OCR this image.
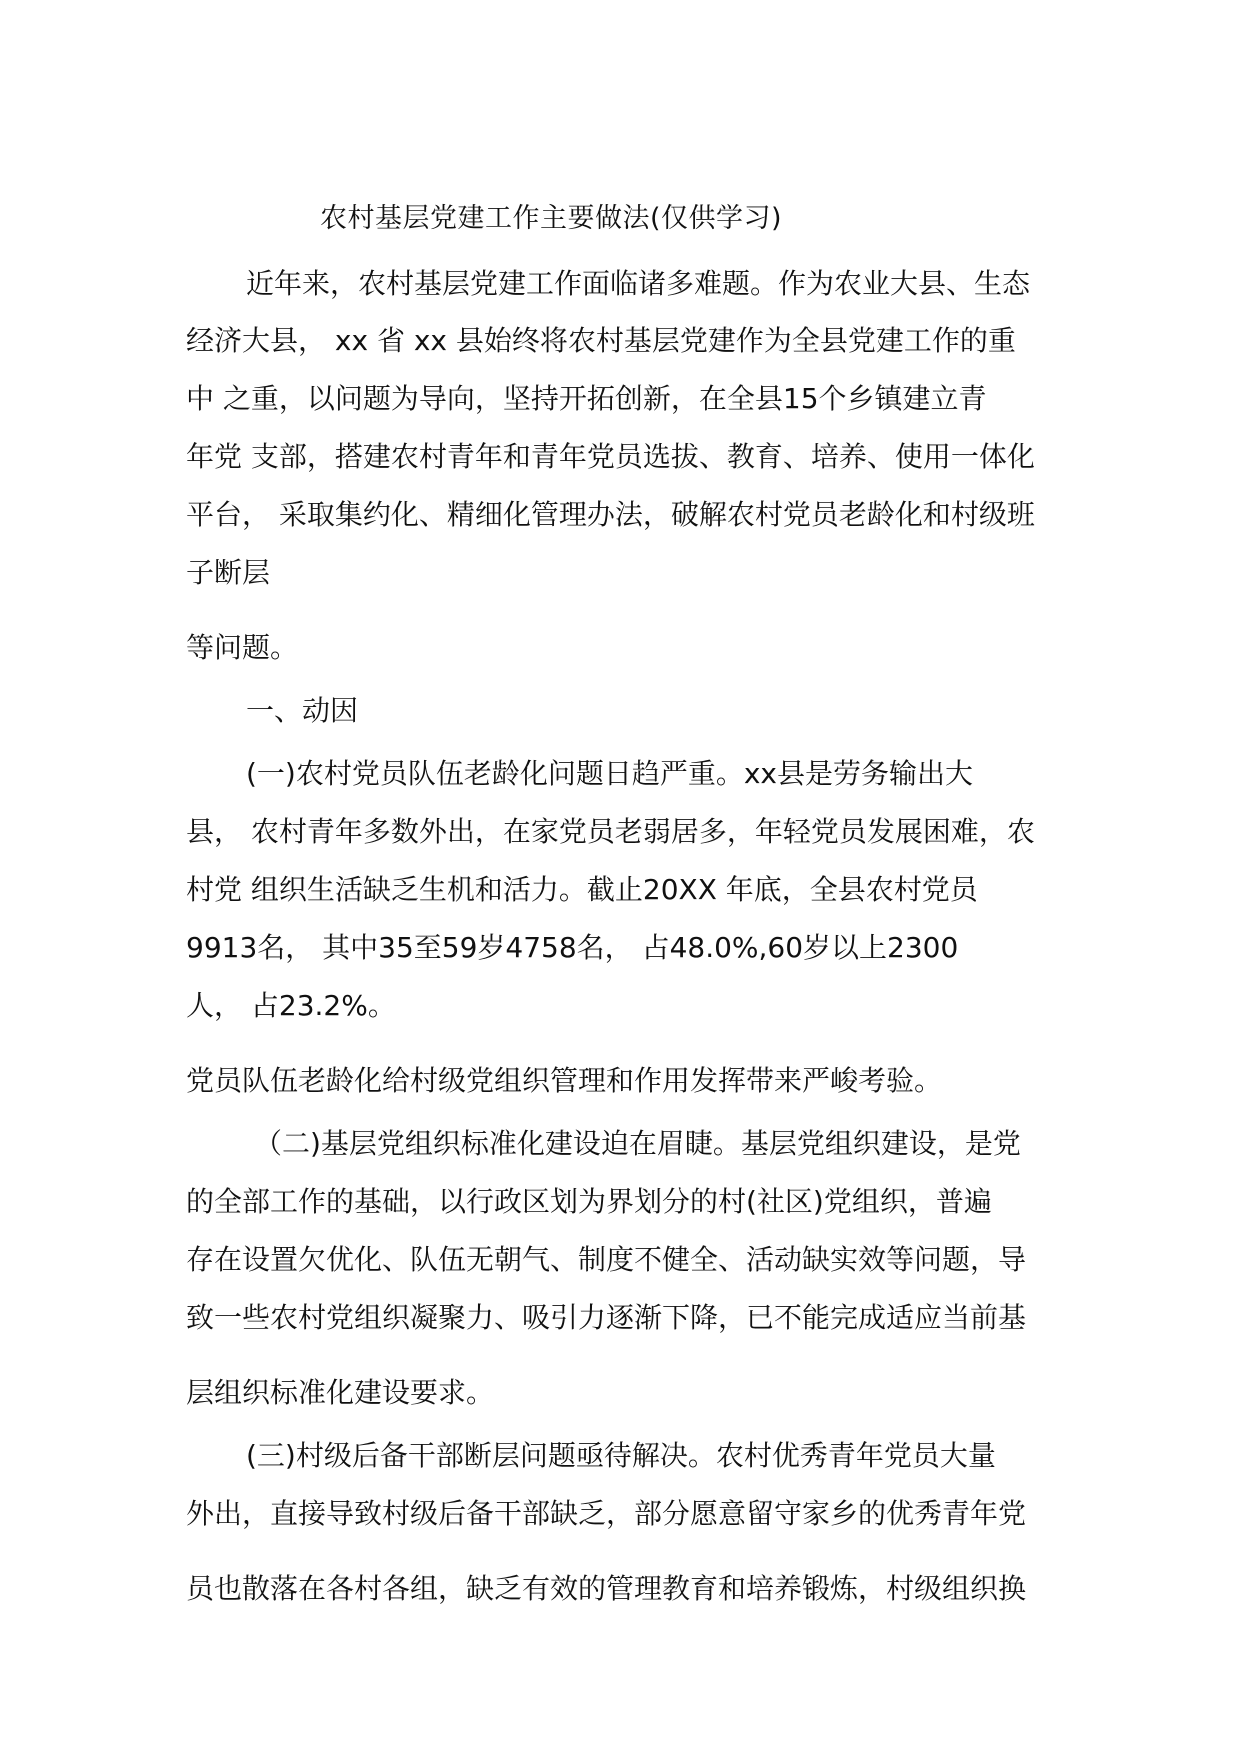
农村基层党建工作主要做法(仅供学习)
近年来，农村基层党建工作面临诸多难题。作为农业大县、生态
经济大县， xx 省 xx 县始终将农村基层党建作为全县党建工作的重
中 之重，以问题为导向，坚持开拓创新，在全县15个乡镇建立青
年党 支部，搭建农村青年和青年党员选拔、教育、培养、使用一体化
平台， 采取集约化、精细化管理办法，破解农村党员老龄化和村级班
子断层
等问题。
一、动因
(一)农村党员队伍老龄化问题日趋严重。xx县是劳务输出大
县， 农村青年多数外出，在家党员老弱居多，年轻党员发展困难，农
村党 组织生活缺乏生机和活力。截止20XX 年底，全县农村党员
9913名， 其中35至59岁4758名， 占48.0%,60岁以上2300
人， 占23.2%。
党员队伍老龄化给村级党组织管理和作用发挥带来严峻考验。
（二)基层党组织标准化建设迫在眉睫。基层党组织建设，是党
的全部工作的基础，以行政区划为界划分的村(社区)党组织，普遍
存在设置欠优化、队伍无朝气、制度不健全、活动缺实效等问题，导
致一些农村党组织凝聚力、吸引力逐渐下降，已不能完成适应当前基
层组织标准化建设要求。
(三)村级后备干部断层问题亟待解决。农村优秀青年党员大量
外出，直接导致村级后备干部缺乏，部分愿意留守家乡的优秀青年党
员也散落在各村各组，缺乏有效的管理教育和培养锻炼，村级组织换
